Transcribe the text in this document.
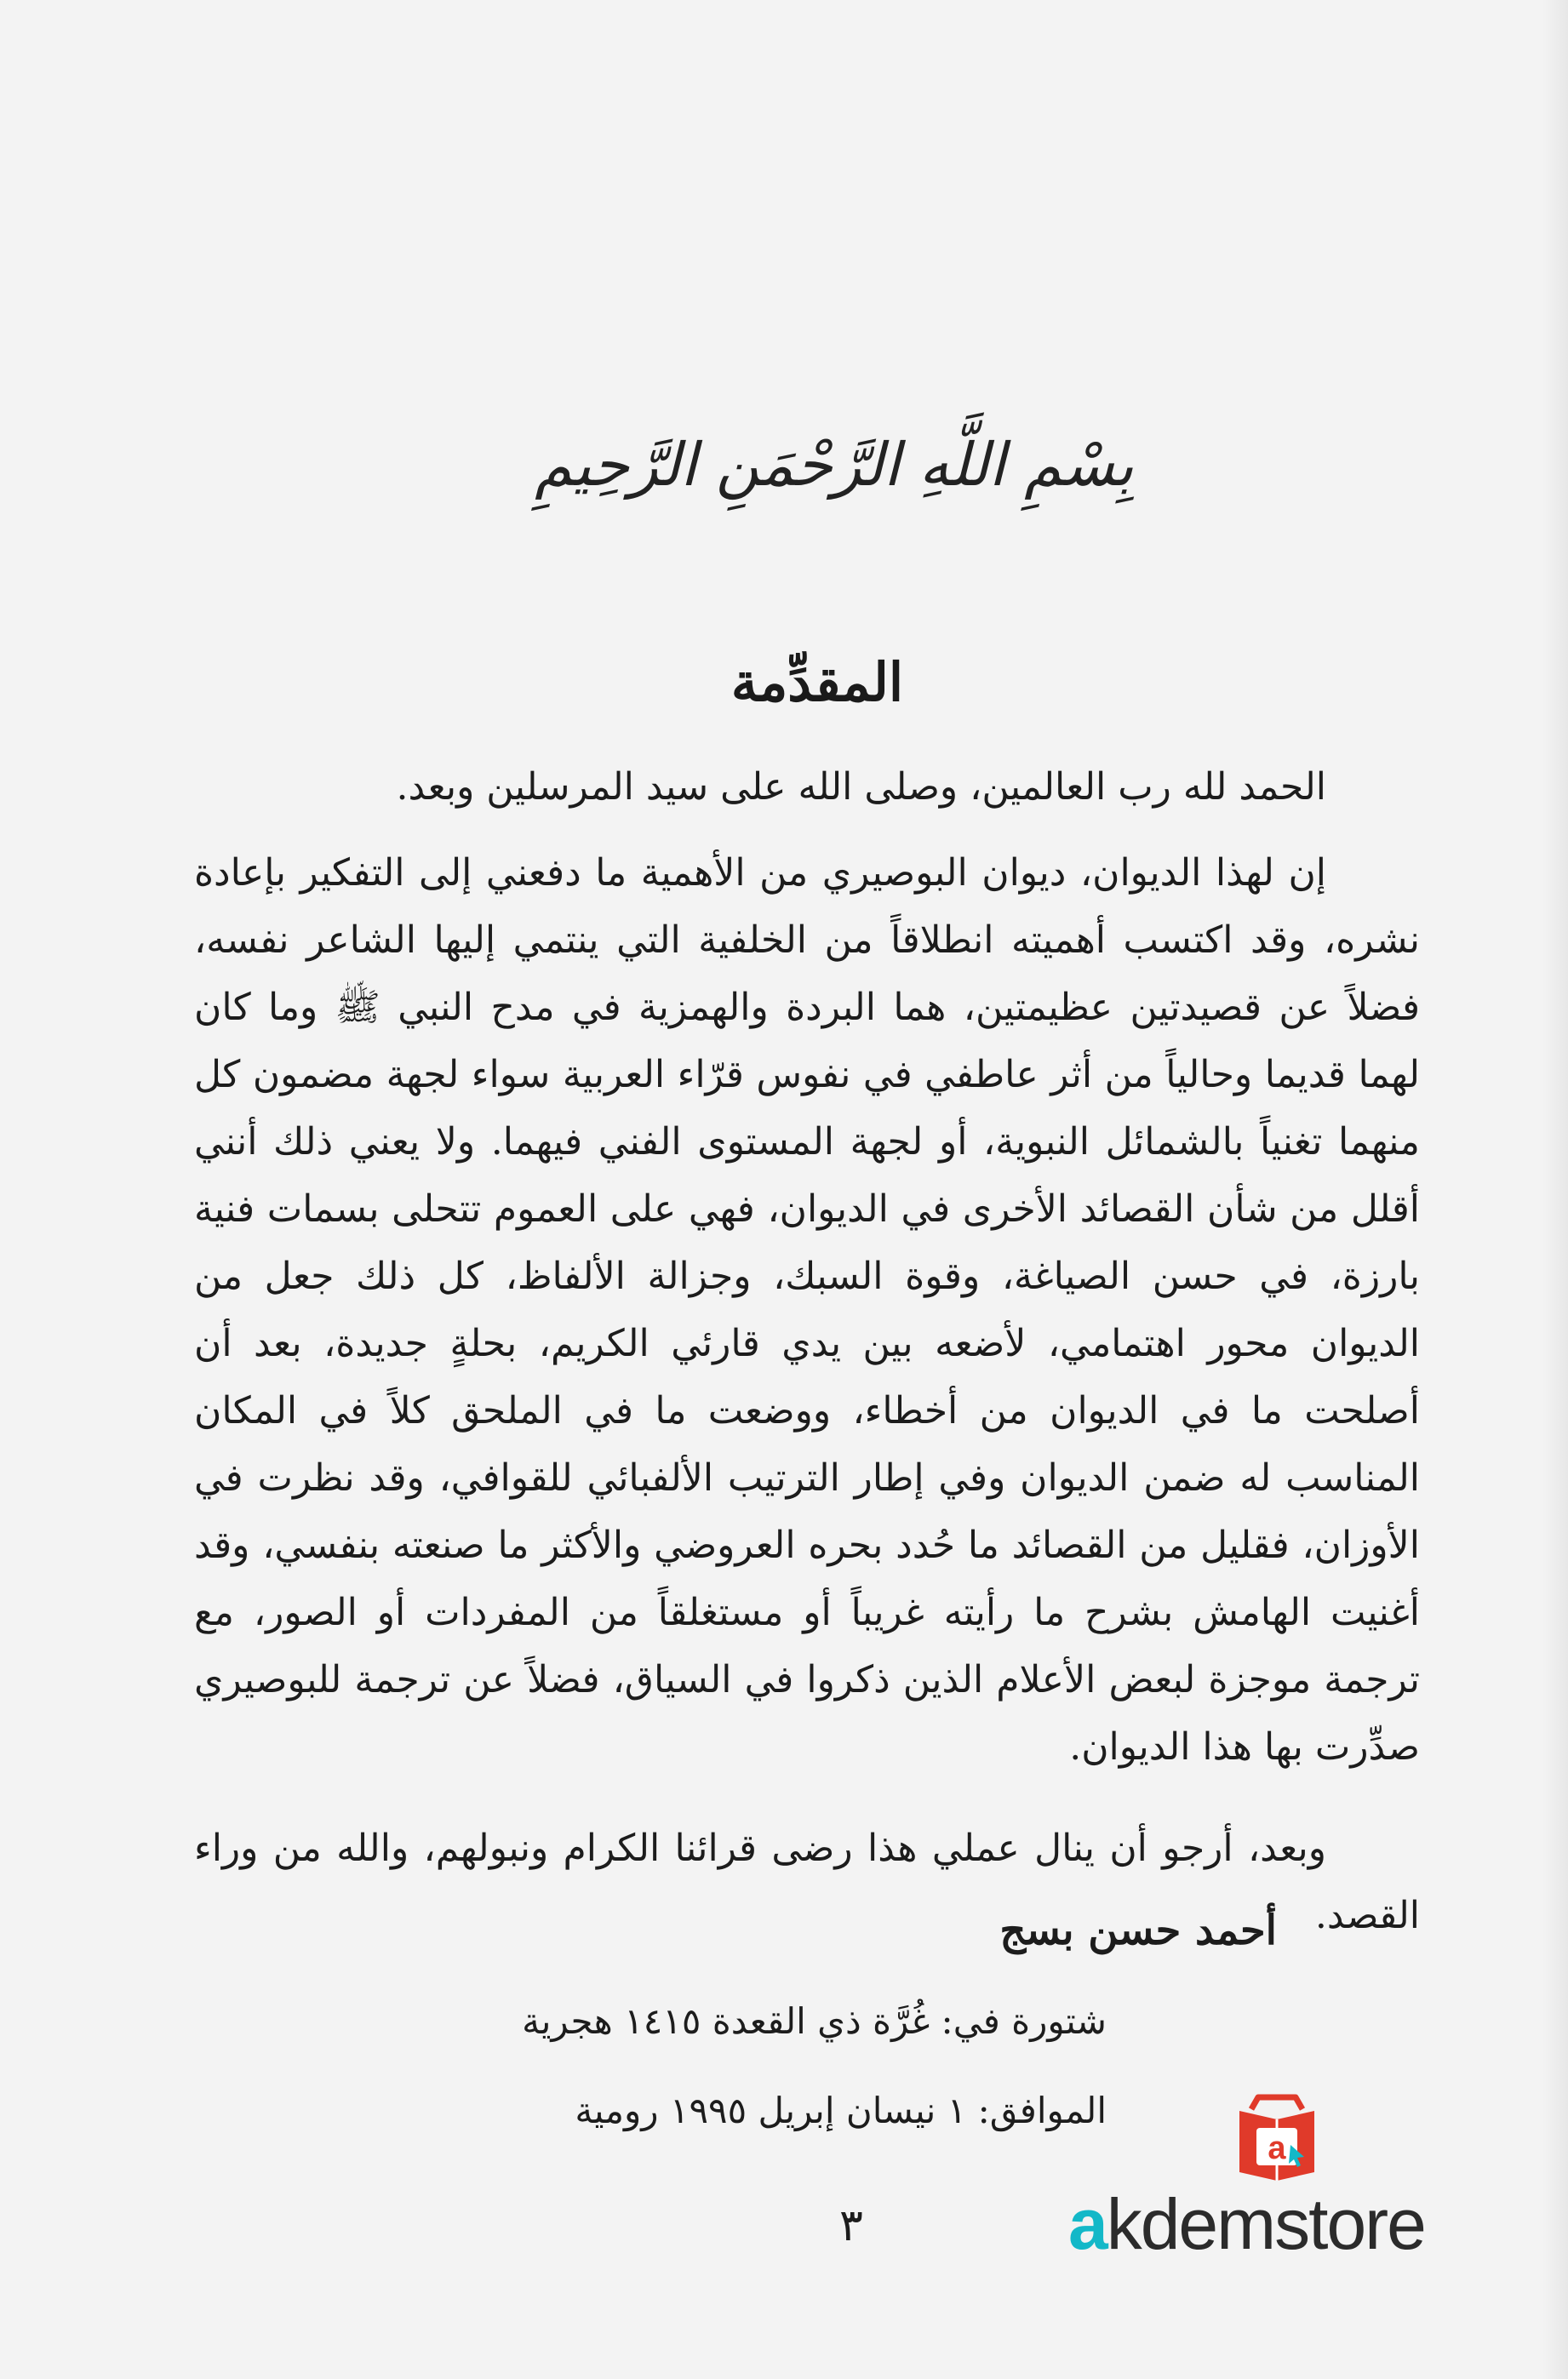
بِسْمِ اللَّهِ الرَّحْمَنِ الرَّحِيمِ
المقدِّمة

الحمد لله رب العالمين، وصلى الله على سيد المرسلين وبعد.

إن لهذا الديوان، ديوان البوصيري من الأهمية ما دفعني إلى التفكير بإعادة نشره، وقد اكتسب أهميته انطلاقاً من الخلفية التي ينتمي إليها الشاعر نفسه، فضلاً عن قصيدتين عظيمتين، هما البردة والهمزية في مدح النبي ﷺ وما كان لهما قديما وحالياً من أثر عاطفي في نفوس قرّاء العربية سواء لجهة مضمون كل منهما تغنياً بالشمائل النبوية، أو لجهة المستوى الفني فيهما. ولا يعني ذلك أنني أقلل من شأن القصائد الأخرى في الديوان، فهي على العموم تتحلى بسمات فنية بارزة، في حسن الصياغة، وقوة السبك، وجزالة الألفاظ، كل ذلك جعل من الديوان محور اهتمامي، لأضعه بين يدي قارئي الكريم، بحلةٍ جديدة، بعد أن أصلحت ما في الديوان من أخطاء، ووضعت ما في الملحق كلاً في المكان المناسب له ضمن الديوان وفي إطار الترتيب الألفبائي للقوافي، وقد نظرت في الأوزان، فقليل من القصائد ما حُدد بحره العروضي والأكثر ما صنعته بنفسي، وقد أغنيت الهامش بشرح ما رأيته غريباً أو مستغلقاً من المفردات أو الصور، مع ترجمة موجزة لبعض الأعلام الذين ذكروا في السياق، فضلاً عن ترجمة للبوصيري صدِّرت بها هذا الديوان.

وبعد، أرجو أن ينال عملي هذا رضى قرائنا الكرام ونبولهم، والله من وراء القصد.

أحمد حسن بسج
شتورة في: غُرَّة ذي القعدة ١٤١٥ هجرية
الموافق: ١ نيسان إبريل ١٩٩٥ رومية
٣
a
akdemstore
